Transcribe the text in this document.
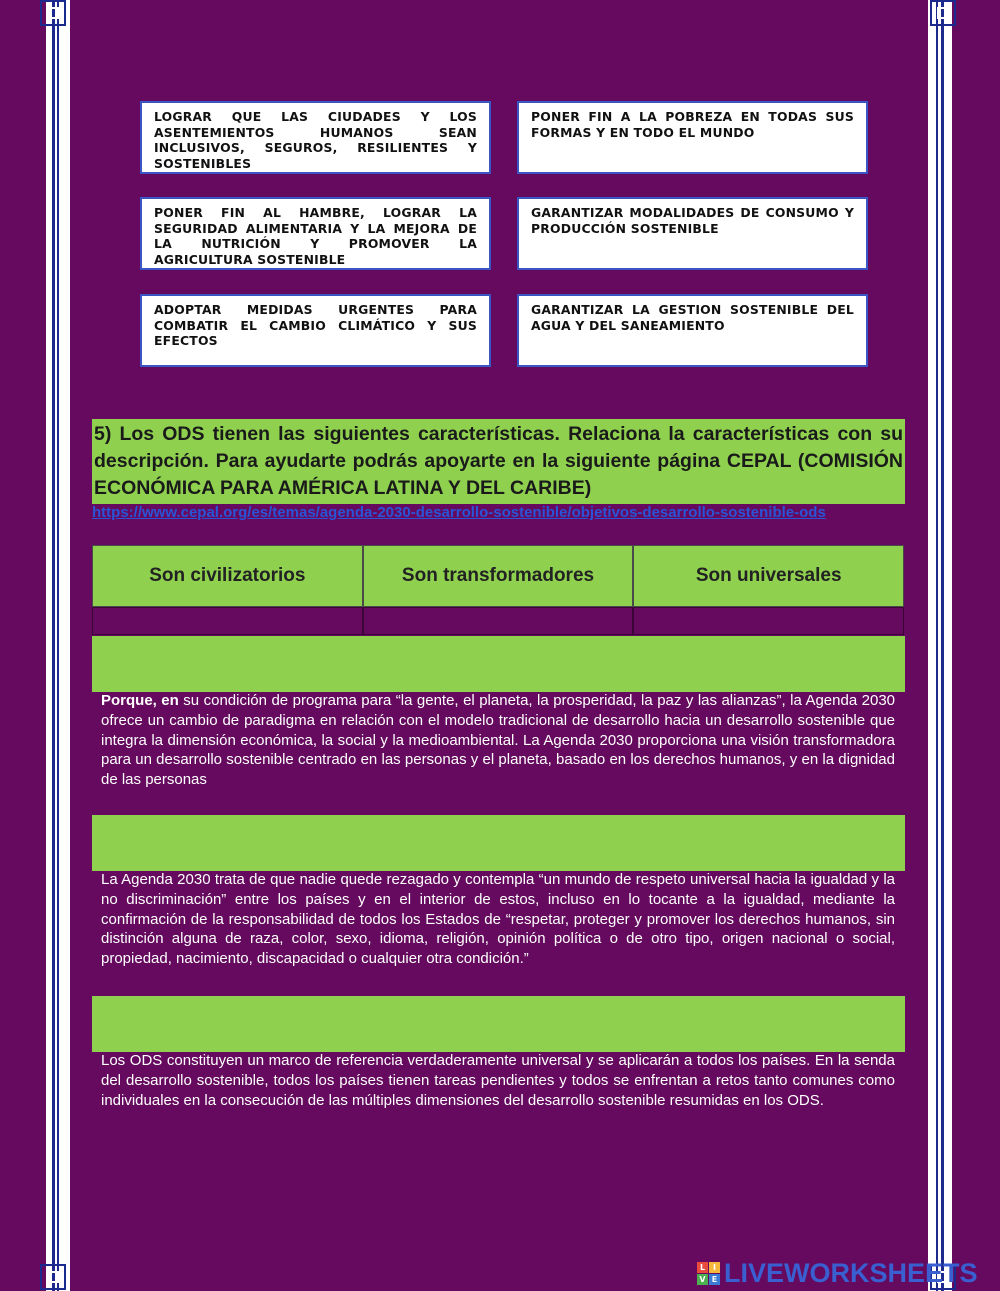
LOGRAR QUE LAS CIUDADES Y LOS ASENTEMIENTOS HUMANOS SEAN INCLUSIVOS, SEGUROS, RESILIENTES Y SOSTENIBLES
PONER FIN A LA POBREZA EN TODAS SUS FORMAS Y EN TODO EL MUNDO
PONER FIN AL HAMBRE, LOGRAR LA SEGURIDAD ALIMENTARIA Y LA MEJORA DE LA NUTRICIÓN Y PROMOVER LA AGRICULTURA SOSTENIBLE
GARANTIZAR MODALIDADES DE CONSUMO Y PRODUCCIÓN SOSTENIBLE
ADOPTAR MEDIDAS URGENTES PARA COMBATIR EL CAMBIO CLIMÁTICO Y SUS EFECTOS
GARANTIZAR LA GESTION SOSTENIBLE DEL AGUA Y DEL SANEAMIENTO
5) Los ODS tienen las siguientes características. Relaciona la características con su descripción. Para ayudarte podrás apoyarte en la siguiente página CEPAL (COMISIÓN ECONÓMICA PARA AMÉRICA LATINA Y DEL CARIBE)
https://www.cepal.org/es/temas/agenda-2030-desarrollo-sostenible/objetivos-desarrollo-sostenible-ods
Son civilizatorios	Son transformadores	Son universales
Porque, en su condición de programa para “la gente, el planeta, la prosperidad, la paz y las alianzas”, la Agenda 2030 ofrece un cambio de paradigma en relación con el modelo tradicional de desarrollo hacia un desarrollo sostenible que integra la dimensión económica, la social y la medioambiental. La Agenda 2030 proporciona una visión transformadora para un desarrollo sostenible centrado en las personas y el planeta, basado en los derechos humanos, y en la dignidad de las personas
La Agenda 2030 trata de que nadie quede rezagado y contempla “un mundo de respeto universal hacia la igualdad y la no discriminación” entre los países y en el interior de estos, incluso en lo tocante a la igualdad, mediante la confirmación de la responsabilidad de todos los Estados de “respetar, proteger y promover los derechos humanos, sin distinción alguna de raza, color, sexo, idioma, religión, opinión política o de otro tipo, origen nacional o social, propiedad, nacimiento, discapacidad o cualquier otra condición.”
Los ODS constituyen un marco de referencia verdaderamente universal y se aplicarán a todos los países. En la senda del desarrollo sostenible, todos los países tienen tareas pendientes y todos se enfrentan a retos tanto comunes como individuales en la consecución de las múltiples dimensiones del desarrollo sostenible resumidas en los ODS.
L I
V E LIVEWORKSHEETS
